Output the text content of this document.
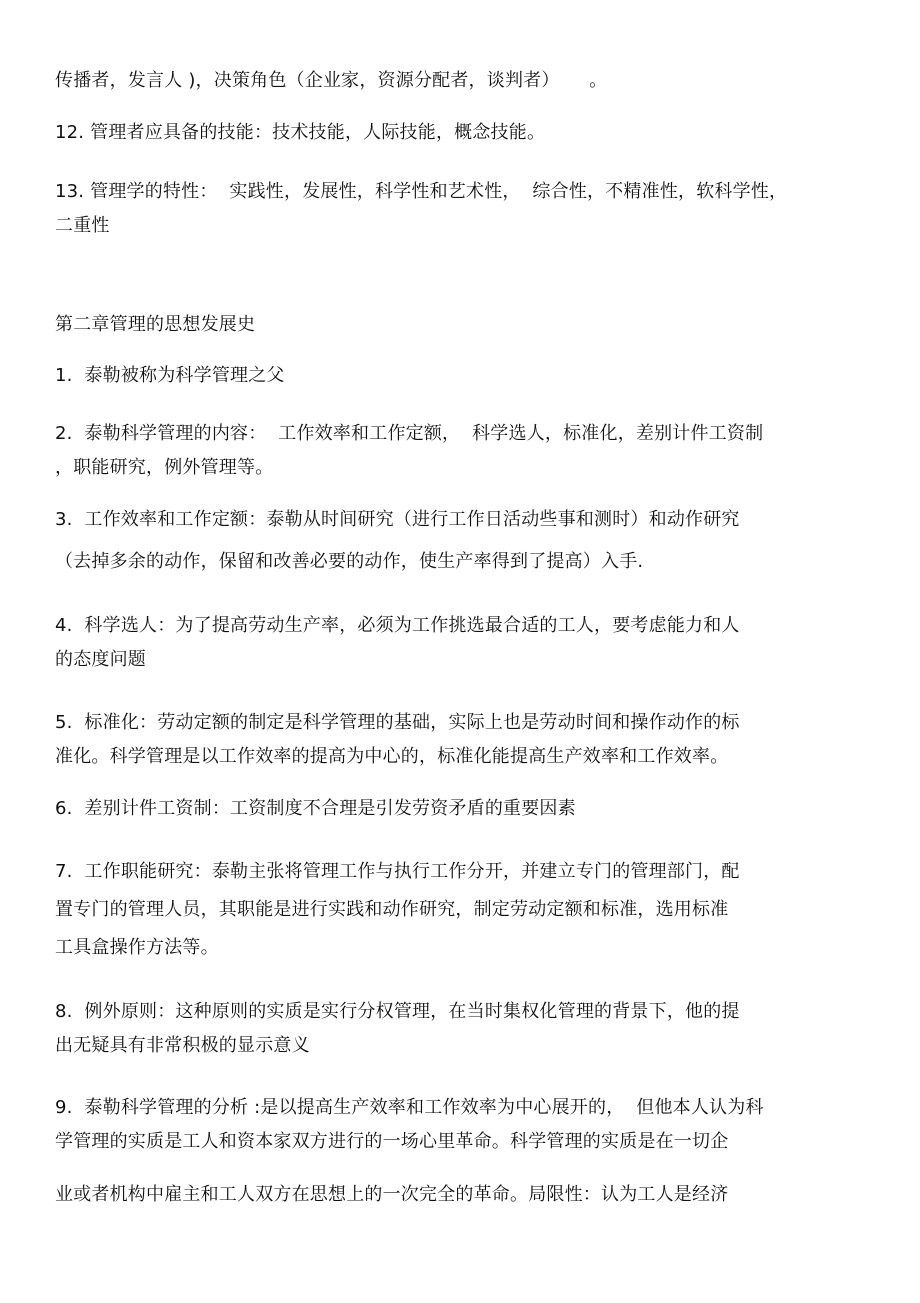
传播者，发言人 )，决策角色（企业家，资源分配者，谈判者）     。
12. 管理者应具备的技能：技术技能，人际技能，概念技能。
13. 管理学的特性：  实践性，发展性，科学性和艺术性，  综合性，不精准性，软科学性，
二重性
第二章管理的思想发展史
1.  泰勒被称为科学管理之父
2.  泰勒科学管理的内容：  工作效率和工作定额，  科学选人，标准化，差别计件工资制
，职能研究，例外管理等。
3.  工作效率和工作定额：泰勒从时间研究（进行工作日活动些事和测时）和动作研究
（去掉多余的动作，保留和改善必要的动作，使生产率得到了提高）入手.
4.  科学选人：为了提高劳动生产率，必须为工作挑选最合适的工人，要考虑能力和人
的态度问题
5.  标准化：劳动定额的制定是科学管理的基础，实际上也是劳动时间和操作动作的标
准化。科学管理是以工作效率的提高为中心的，标准化能提高生产效率和工作效率。
6.  差别计件工资制：工资制度不合理是引发劳资矛盾的重要因素
7.  工作职能研究：泰勒主张将管理工作与执行工作分开，并建立专门的管理部门，配
置专门的管理人员，其职能是进行实践和动作研究，制定劳动定额和标准，选用标准
工具盒操作方法等。
8.  例外原则：这种原则的实质是实行分权管理，在当时集权化管理的背景下，他的提
出无疑具有非常积极的显示意义
9.  泰勒科学管理的分析 :是以提高生产效率和工作效率为中心展开的，  但他本人认为科
学管理的实质是工人和资本家双方进行的一场心里革命。科学管理的实质是在一切企
业或者机构中雇主和工人双方在思想上的一次完全的革命。局限性：认为工人是经济
